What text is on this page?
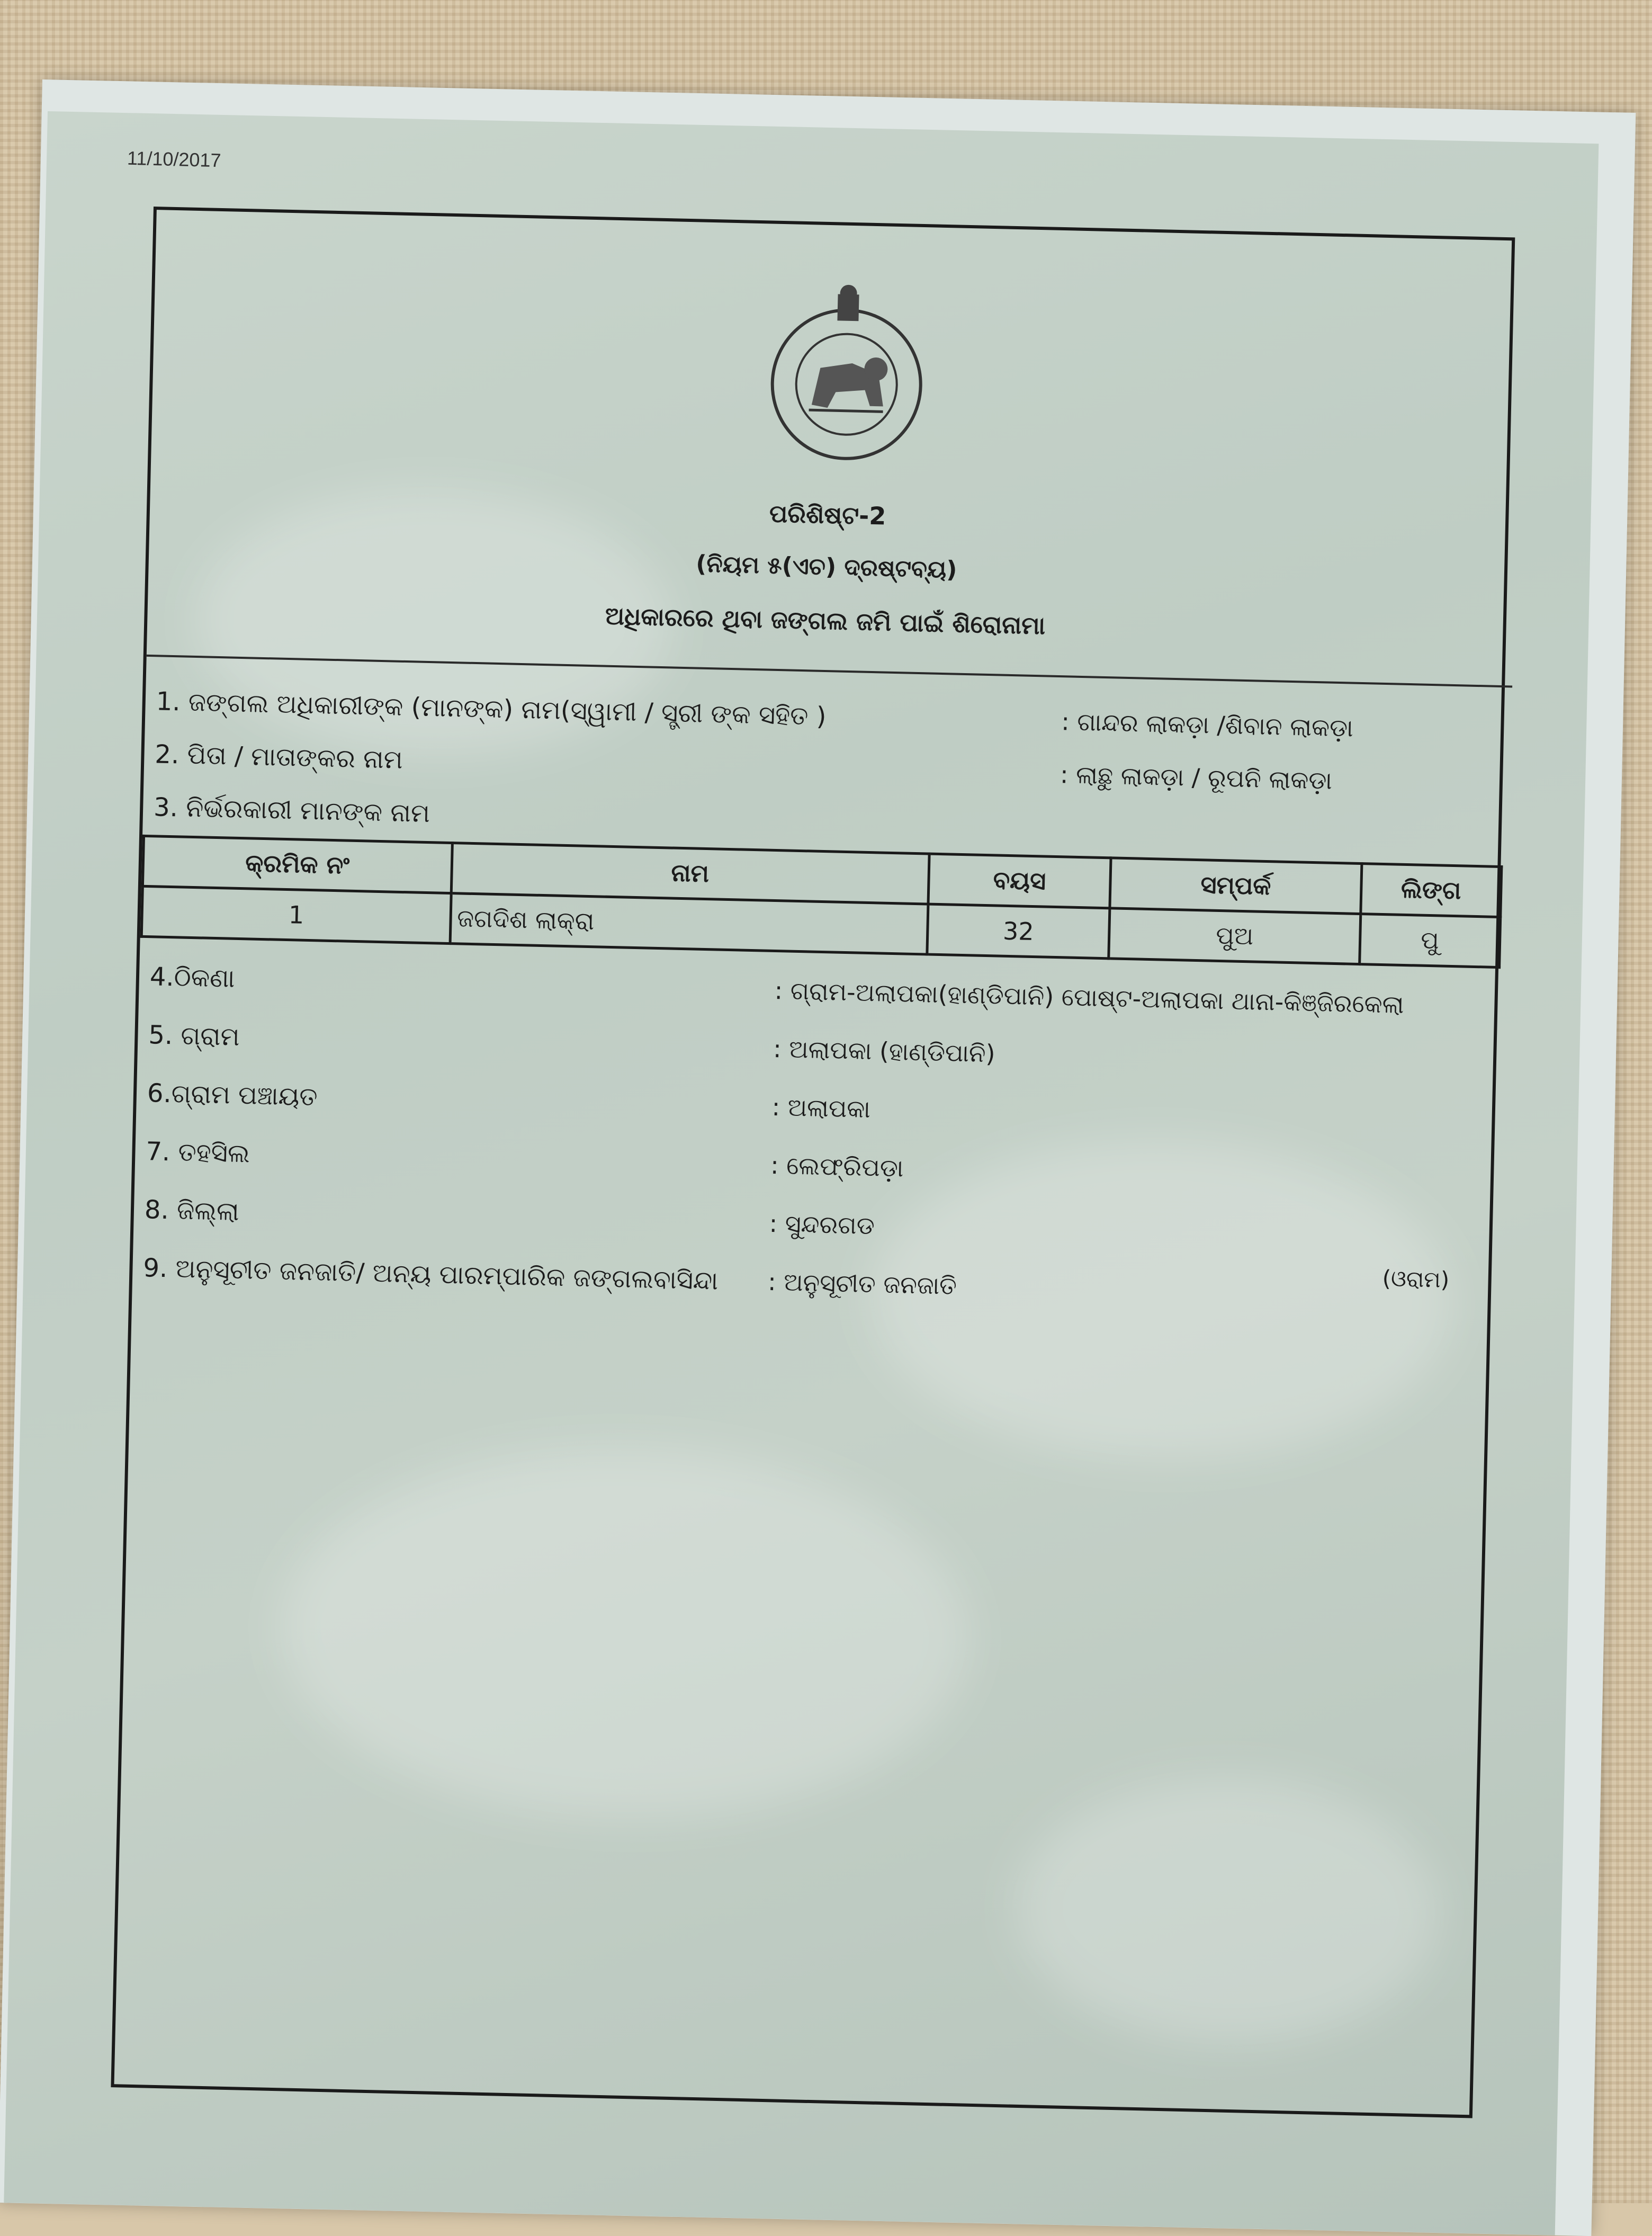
11/10/2017
ପରିଶିଷ୍ଟ-2
(ନିୟମ ୫(ଏଚ) ଦ୍ରଷ୍ଟବ୍ୟ)
ଅଧିକାରରେ ଥିବା ଜଙ୍ଗଲ ଜମି ପାଇଁ ଶିରୋନାମା
1. ଜଙ୍ଗଲ ଅଧିକାରୀଙ୍କ (ମାନଙ୍କ) ନାମ(ସ୍ୱାମୀ / ସ୍ତ୍ରୀ ଙ୍କ ସହିତ )	: ଗାନ୍ଦର ଲାକଡ଼ା /ଶିବାନ ଲାକଡ଼ା
2. ପିତା / ମାତାଙ୍କର ନାମ
: ଲାଛୁ ଲାକଡ଼ା / ରୂପନି ଲାକଡ଼ା
3. ନିର୍ଭରକାରୀ ମାନଙ୍କ ନାମ
କ୍ରମିକ ନଂ	ନାମ	ବୟସ	ସମ୍ପର୍କ	ଲିଙ୍ଗ
1	ଜଗଦିଶ ଲାକ୍ରା	32	ପୁଅ	ପୁ
4.ଠିକଣା	: ଗ୍ରାମ-ଅଲାପକା(ହାଣ୍ଡିପାନି) ପୋଷ୍ଟ-ଅଲାପକା ଥାନା-କିଞ୍ଜିରକେଲା
5. ଗ୍ରାମ	: ଅଲାପକା (ହାଣ୍ଡିପାନି)
6.ଗ୍ରାମ ପଞ୍ଚାୟତ	: ଅଲାପକା
7. ତହସିଲ	: ଲେଫ୍ରିପଡ଼ା
8. ଜିଲ୍ଲା	: ସୁନ୍ଦରଗଡ
9. ଅନୁସୂଚୀତ ଜନଜାତି/ ଅନ୍ୟ ପାରମ୍ପାରିକ ଜଙ୍ଗଲବାସିନ୍ଦା : ଅନୁସୂଚୀତ ଜନଜାତି	(ଓରାମ)
